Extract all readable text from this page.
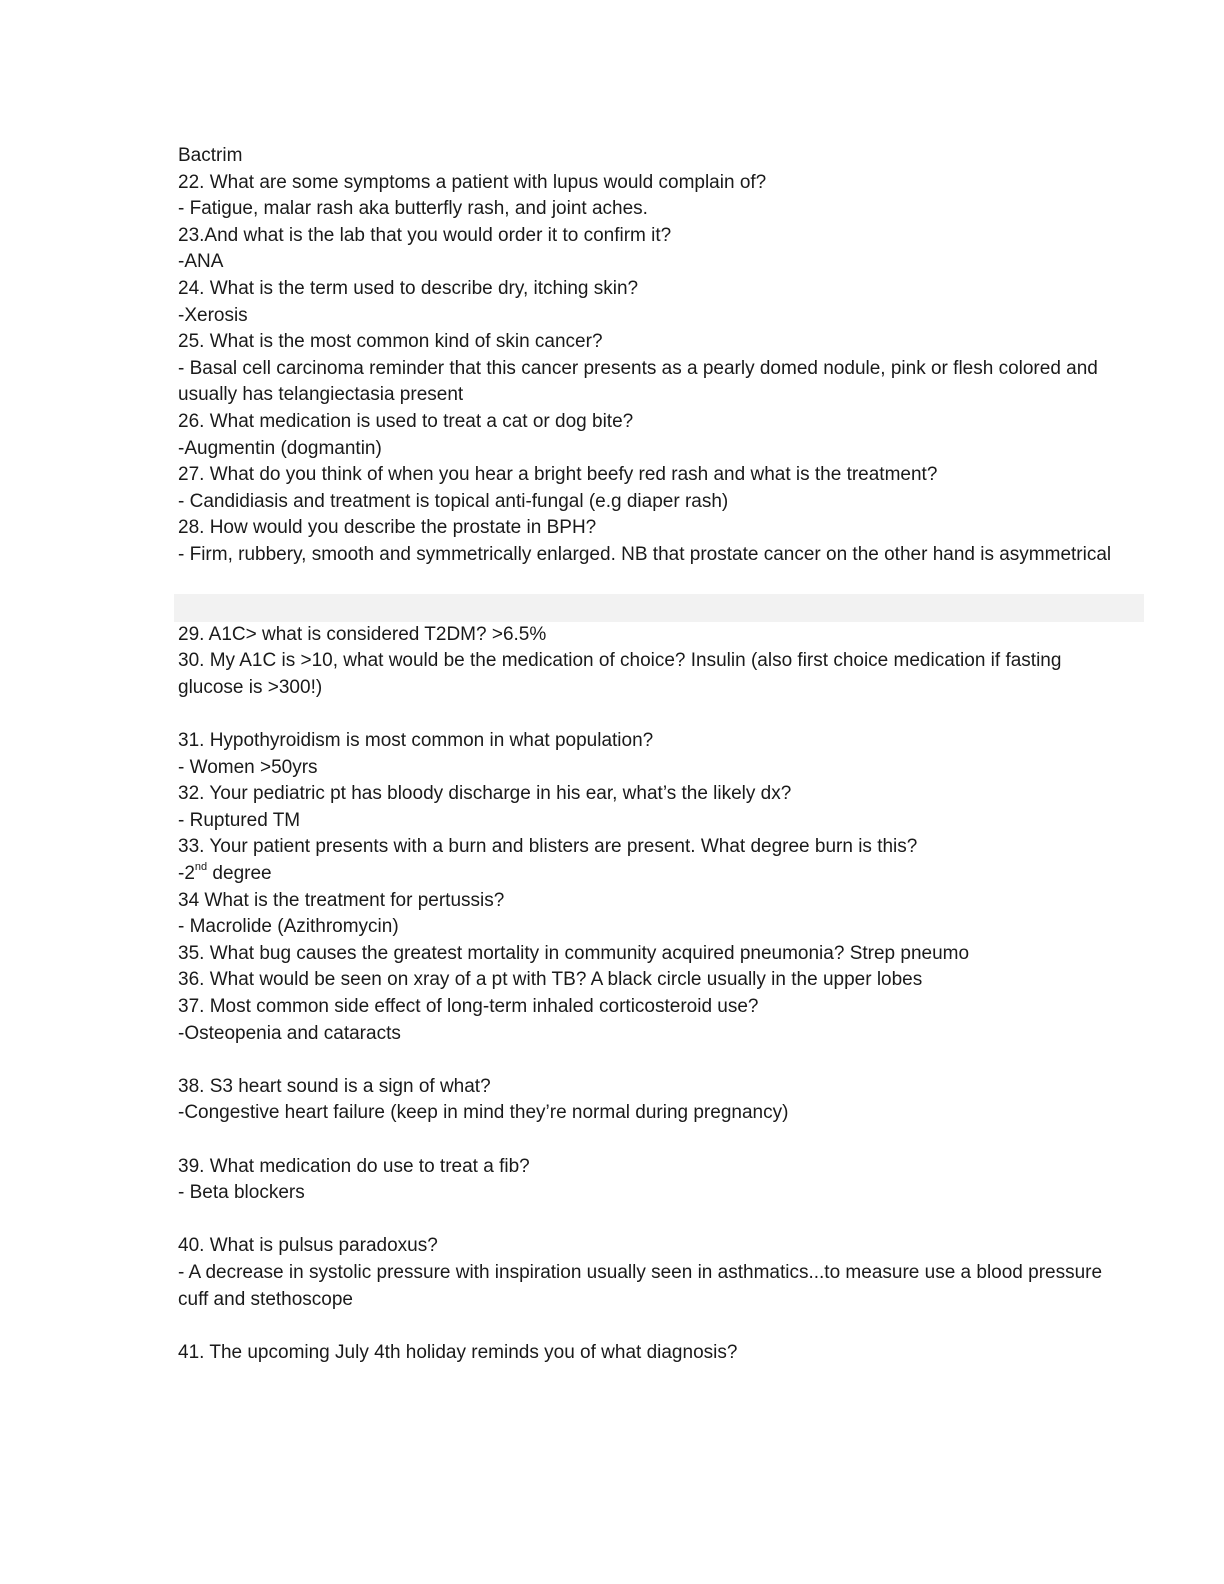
Bactrim
22. What are some symptoms a patient with lupus would complain of?
- Fatigue, malar rash aka butterfly rash, and joint aches.
23.And what is the lab that you would order it to confirm it?
-ANA
24. What is the term used to describe dry, itching skin?
-Xerosis
25. What is the most common kind of skin cancer?
- Basal cell carcinoma reminder that this cancer presents as a pearly domed nodule, pink or flesh colored and usually has telangiectasia present
26. What medication is used to treat a cat or dog bite?
-Augmentin (dogmantin)
27. What do you think of when you hear a bright beefy red rash and what is the treatment?
- Candidiasis and treatment is topical anti-fungal (e.g diaper rash)
28. How would you describe the prostate in BPH?
- Firm, rubbery, smooth and symmetrically enlarged. NB that prostate cancer on the other hand is asymmetrical
29. A1C> what is considered T2DM? >6.5%
30. My A1C is >10, what would be the medication of choice? Insulin (also first choice medication if fasting glucose is >300!)
31. Hypothyroidism is most common in what population?
- Women >50yrs
32. Your pediatric pt has bloody discharge in his ear, what’s the likely dx?
- Ruptured TM
33. Your patient presents with a burn and blisters are present. What degree burn is this?
-2nd degree
34 What is the treatment for pertussis?
- Macrolide (Azithromycin)
35. What bug causes the greatest mortality in community acquired pneumonia? Strep pneumo
36. What would be seen on xray of a pt with TB? A black circle usually in the upper lobes
37. Most common side effect of long-term inhaled corticosteroid use?
-Osteopenia and cataracts
38. S3 heart sound is a sign of what?
-Congestive heart failure (keep in mind they’re normal during pregnancy)
39. What medication do use to treat a fib?
- Beta blockers
40. What is pulsus paradoxus?
- A decrease in systolic pressure with inspiration usually seen in asthmatics...to measure use a blood pressure cuff and stethoscope
41. The upcoming July 4th holiday reminds you of what diagnosis?
